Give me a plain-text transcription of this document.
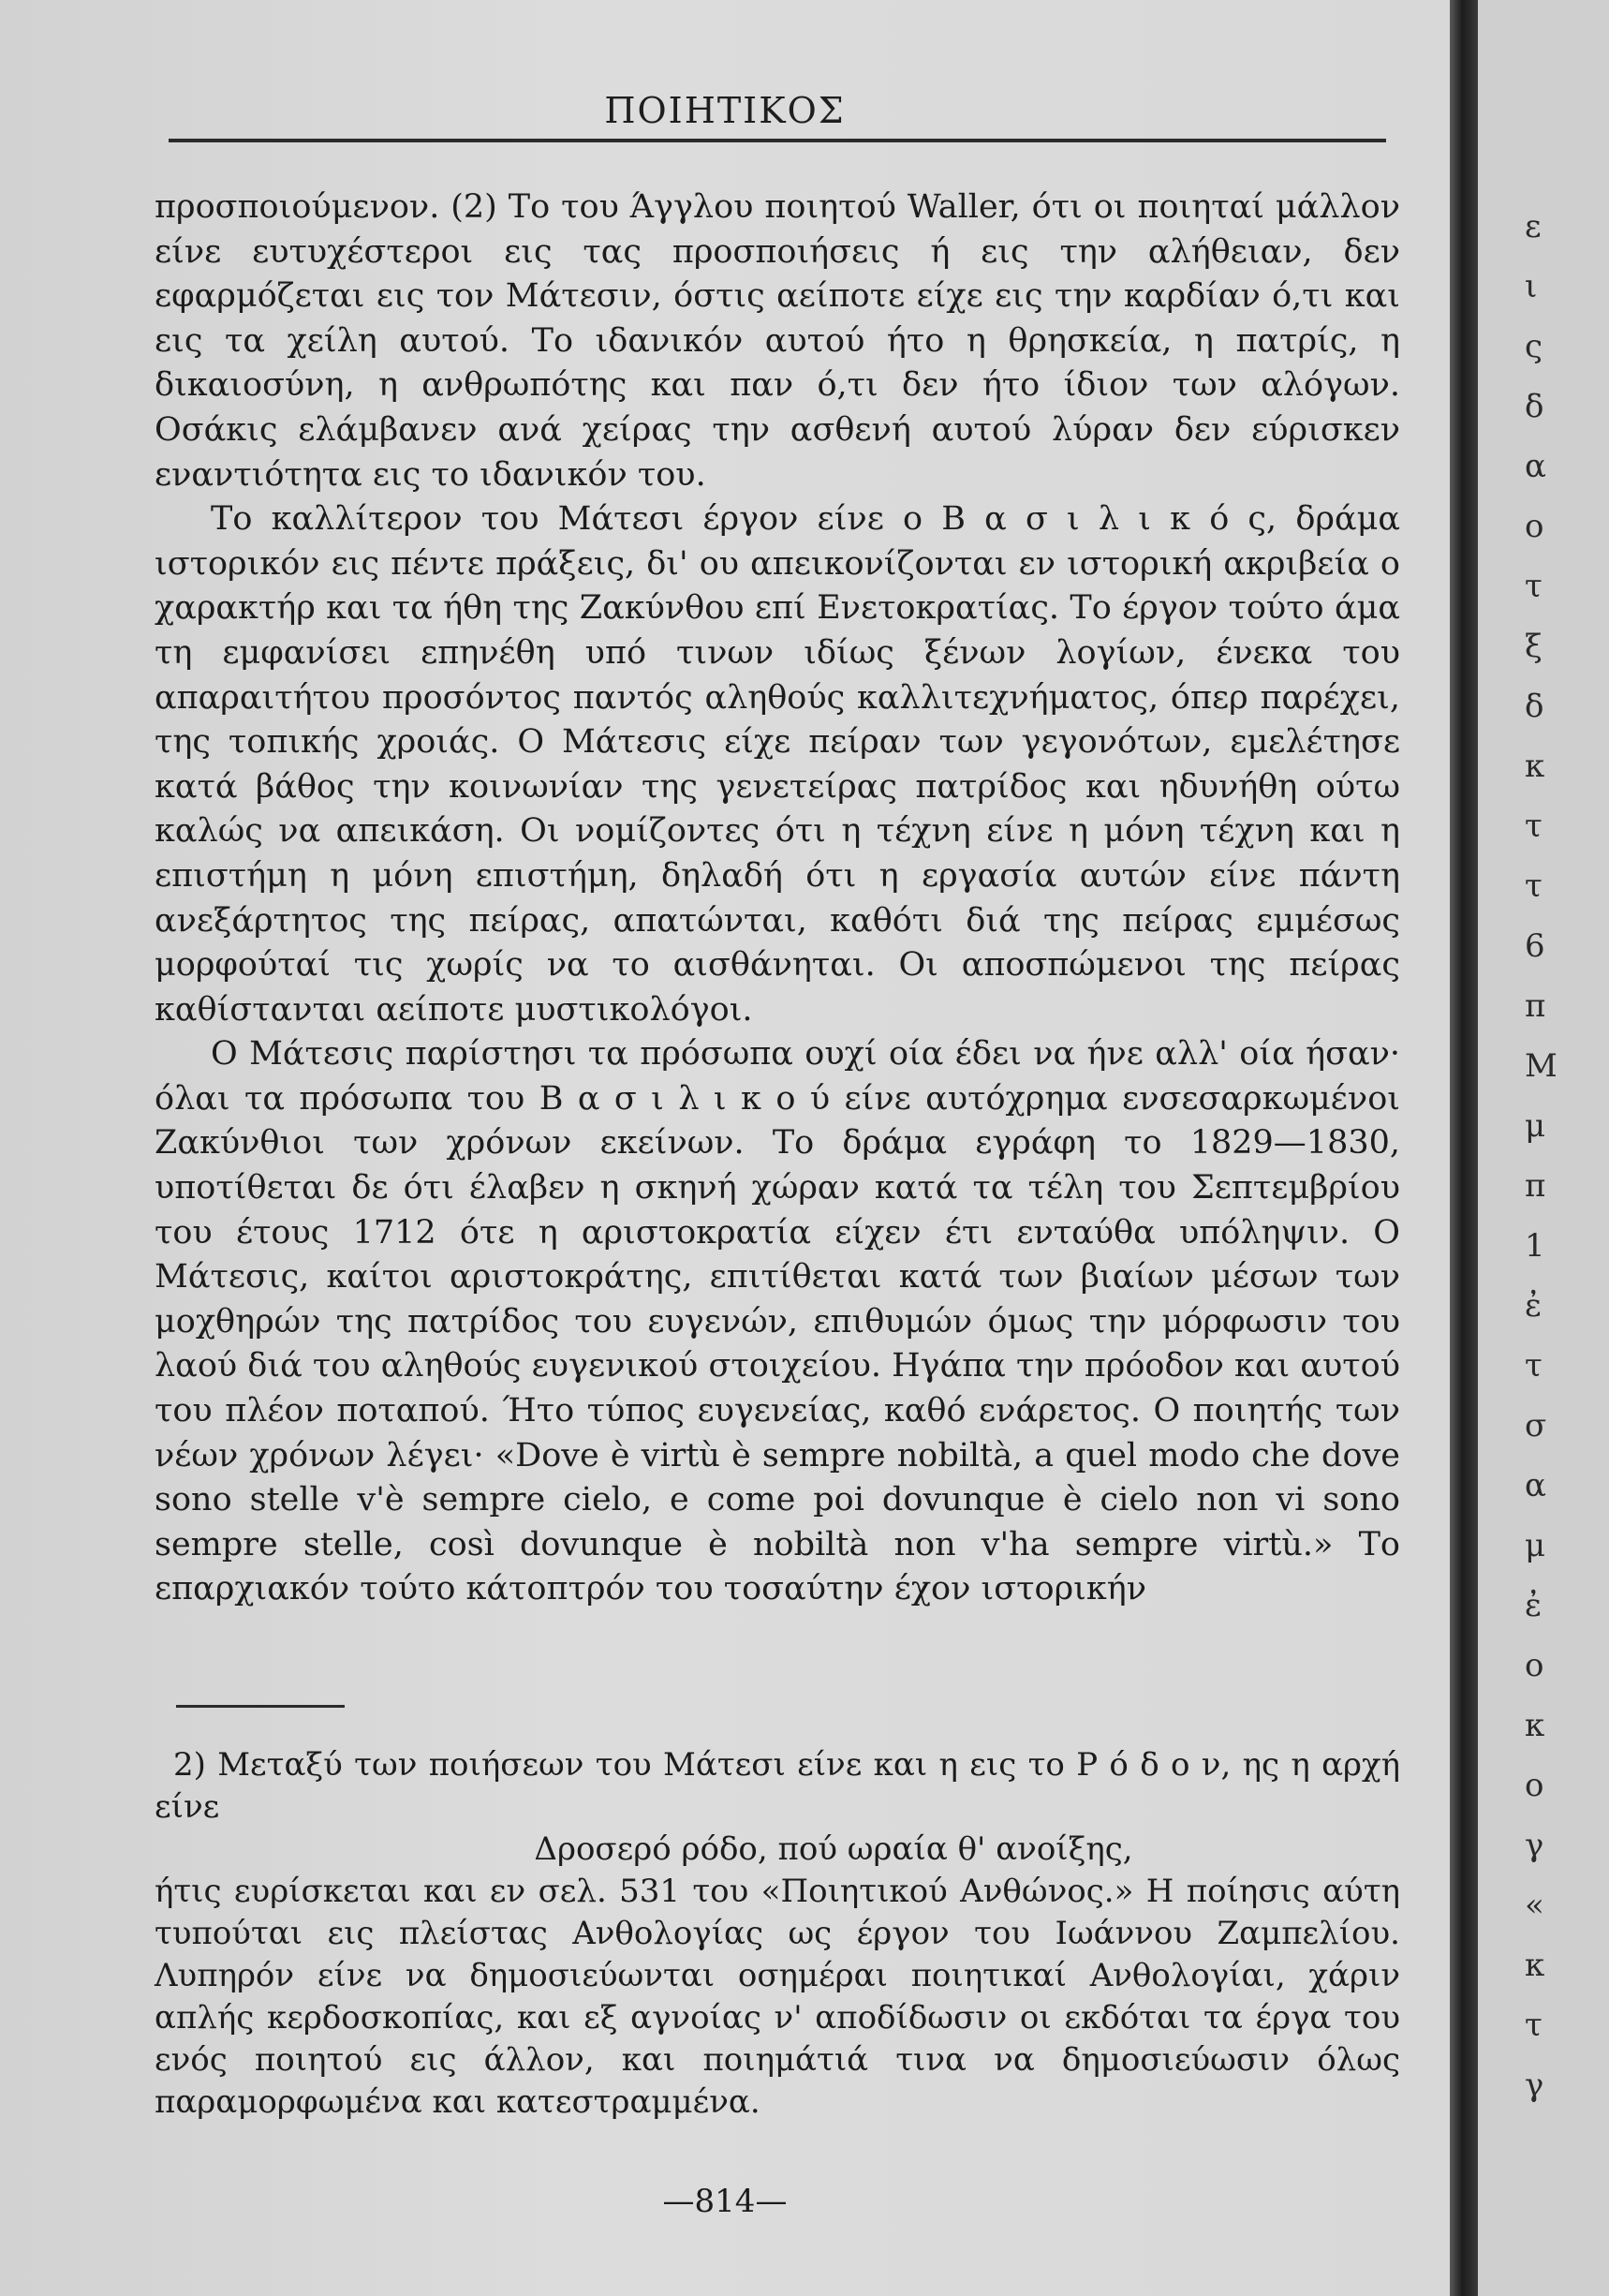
ΠΟΙΗΤΙΚΟΣ

προσποιούμενον. (2) Το του Άγγλου ποιητού Waller, ότι οι ποιηταί μάλλον είνε ευτυχέστεροι εις τας προσποιήσεις ή εις την αλήθειαν, δεν εφαρμόζεται εις τον Μάτεσιν, όστις αείποτε είχε εις την καρδίαν ό,τι και εις τα χείλη αυτού. Το ιδανικόν αυτού ήτο η θρησκεία, η πατρίς, η δικαιοσύνη, η ανθρωπότης και παν ό,τι δεν ήτο ίδιον των αλόγων. Οσάκις ελάμβανεν ανά χείρας την ασθενή αυτού λύραν δεν εύρισκεν εναντιότητα εις το ιδανικόν του.

Το καλλίτερον του Μάτεσι έργον είνε ο Β α σ ι λ ι κ ό ς, δράμα ιστορικόν εις πέντε πράξεις, δι' ου απεικονίζονται εν ιστορική ακριβεία ο χαρακτήρ και τα ήθη της Ζακύνθου επί Ενετοκρατίας. Το έργον τούτο άμα τη εμφανίσει επηνέθη υπό τινων ιδίως ξένων λογίων, ένεκα του απαραιτήτου προσόντος παντός αληθούς καλλιτεχνήματος, όπερ παρέχει, της τοπικής χροιάς. Ο Μάτεσις είχε πείραν των γεγονότων, εμελέτησε κατά βάθος την κοινωνίαν της γενετείρας πατρίδος και ηδυνήθη ούτω καλώς να απεικάση. Οι νομίζοντες ότι η τέχνη είνε η μόνη τέχνη και η επιστήμη η μόνη επιστήμη, δηλαδή ότι η εργασία αυτών είνε πάντη ανεξάρτητος της πείρας, απατώνται, καθότι διά της πείρας εμμέσως μορφούταί τις χωρίς να το αισθάνηται. Οι αποσπώμενοι της πείρας καθίστανται αείποτε μυστικολόγοι.

Ο Μάτεσις παρίστησι τα πρόσωπα ουχί οία έδει να ήνε αλλ' οία ήσαν· όλαι τα πρόσωπα του Β α σ ι λ ι κ ο ύ είνε αυτόχρημα ενσεσαρκωμένοι Ζακύνθιοι των χρόνων εκείνων. Το δράμα εγράφη το 1829—1830, υποτίθεται δε ότι έλαβεν η σκηνή χώραν κατά τα τέλη του Σεπτεμβρίου του έτους 1712 ότε η αριστοκρατία είχεν έτι ενταύθα υπόληψιν. Ο Μάτεσις, καίτοι αριστοκράτης, επιτίθεται κατά των βιαίων μέσων των μοχθηρών της πατρίδος του ευγενών, επιθυμών όμως την μόρφωσιν του λαού διά του αληθούς ευγενικού στοιχείου. Ηγάπα την πρόοδον και αυτού του πλέον ποταπού. Ήτο τύπος ευγενείας, καθό ενάρετος. Ο ποιητής των νέων χρόνων λέγει· «Dove è virtù è sempre nobiltà, a quel modo che dove sono stelle v'è sempre cielo, e come poi dovunque è cielo non vi sono sempre stelle, così dovunque è nobiltà non v'ha sempre virtù.» Το επαρχιακόν τούτο κάτοπτρόν του τοσαύτην έχον ιστορικήν

2) Μεταξύ των ποιήσεων του Μάτεσι είνε και η εις το Ρ ό δ ο ν, ης η αρχή είνε

Δροσερό ρόδο, πού ωραία θ' ανοίξης,

ήτις ευρίσκεται και εν σελ. 531 του «Ποιητικού Ανθώνος.» Η ποίησις αύτη τυπούται εις πλείστας Ανθολογίας ως έργον του Ιωάννου Ζαμπελίου. Λυπηρόν είνε να δημοσιεύωνται οσημέραι ποιητικαί Ανθολογίαι, χάριν απλής κερδοσκοπίας, και εξ αγνοίας ν' αποδίδωσιν οι εκδόται τα έργα του ενός ποιητού εις άλλον, και ποιημάτιά τινα να δημοσιεύωσιν όλως παραμορφωμένα και κατεστραμμένα.

—814—
ε
ι
ς
δ
α
ο
τ
ξ
δ
κ
τ
τ
6
π
Μ
μ
π
1
ἐ
τ
σ
α
μ
ἐ
ο
κ
ο
γ
«
κ
τ
γ
